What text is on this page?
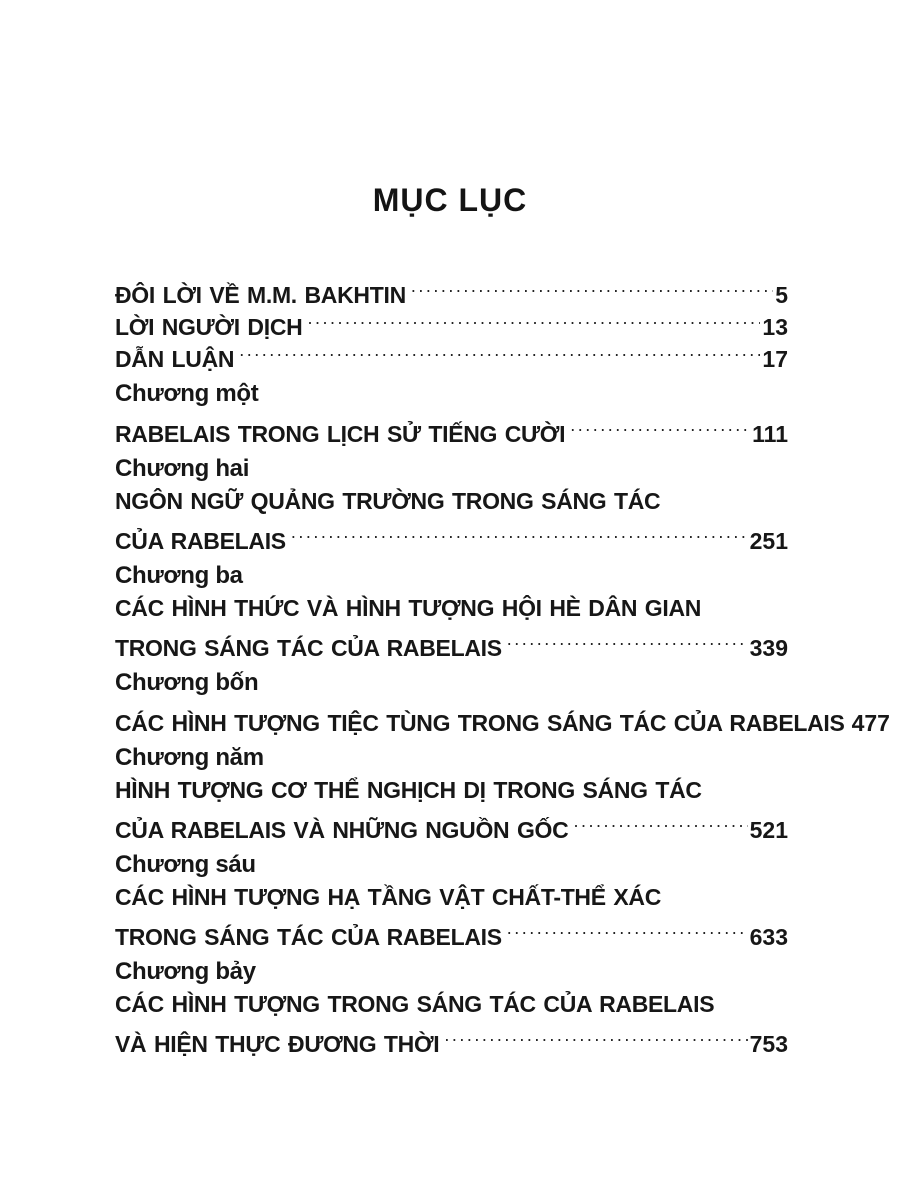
MỤC LỤC
ĐÔI LỜI VỀ M.M. BAKHTIN .....	5
LỜI NGƯỜI DỊCH .....	13
DẪN LUẬN .....	17
Chương một
RABELAIS TRONG LỊCH SỬ TIẾNG CƯỜI .....	111
Chương hai
NGÔN NGỮ QUẢNG TRƯỜNG TRONG SÁNG TÁC
CỦA RABELAIS .....	251
Chương ba
CÁC HÌNH THỨC VÀ HÌNH TƯỢNG HỘI HÈ DÂN GIAN
TRONG SÁNG TÁC CỦA RABELAIS .....	339
Chương bốn
CÁC HÌNH TƯỢNG TIỆC TÙNG TRONG SÁNG TÁC CỦA RABELAIS 477
Chương năm
HÌNH TƯỢNG CƠ THỂ NGHỊCH DỊ TRONG SÁNG TÁC
CỦA RABELAIS VÀ NHỮNG NGUỒN GỐC .....	521
Chương sáu
CÁC HÌNH TƯỢNG HẠ TẦNG VẬT CHẤT-THỂ XÁC
TRONG SÁNG TÁC CỦA RABELAIS .....	633
Chương bảy
CÁC HÌNH TƯỢNG TRONG SÁNG TÁC CỦA RABELAIS
VÀ HIỆN THỰC ĐƯƠNG THỜI .....	753
